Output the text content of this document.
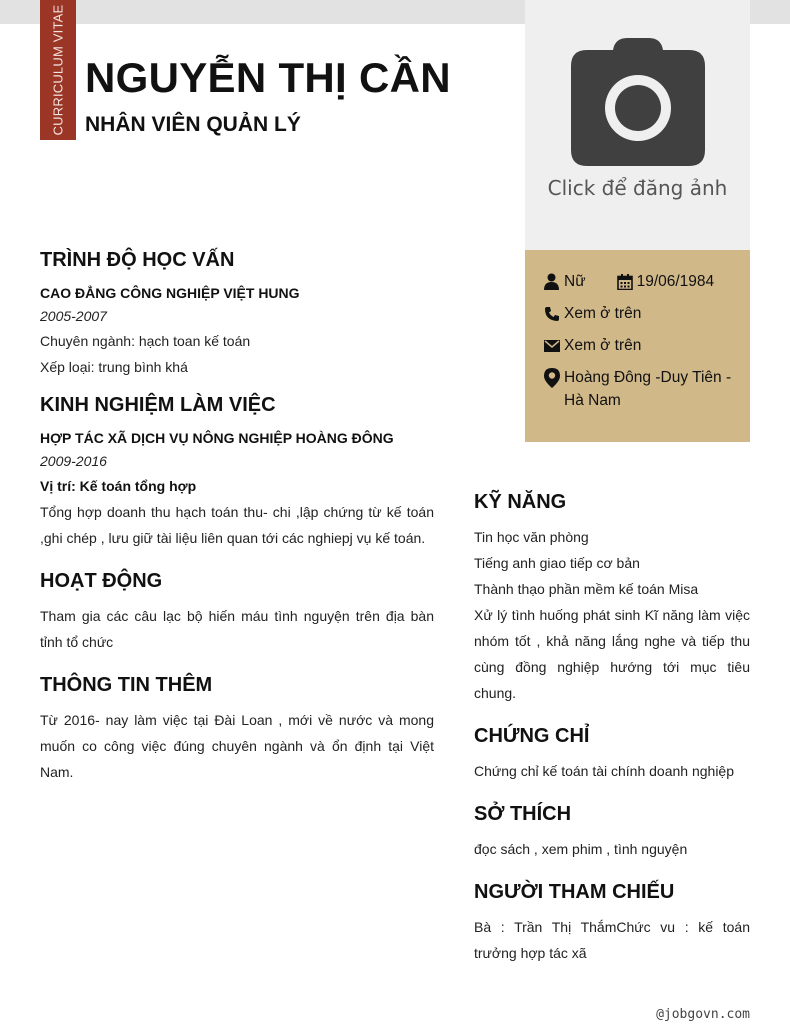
CURRICULUM VITAE NGUYỄN THỊ CẦN
NHÂN VIÊN QUẢN LÝ
Click để đăng ảnh
Nữ	19/06/1984
Xem ở trên
Xem ở trên
Hoàng Đông -Duy Tiên - Hà Nam
TRÌNH ĐỘ HỌC VẤN
CAO ĐẲNG CÔNG NGHIỆP VIỆT HUNG
2005-2007
Chuyên ngành: hạch toan kế toán
Xếp loại: trung bình khá
KINH NGHIỆM LÀM VIỆC
HỢP TÁC XÃ DỊCH VỤ NÔNG NGHIỆP HOÀNG ĐÔNG
2009-2016
Vị trí: Kế toán tổng hợp
Tổng hợp doanh thu hạch toán thu- chi ,lập chứng từ kế toán ,ghi chép , lưu giữ tài liệu liên quan tới các nghiepj vụ kế toán.
HOẠT ĐỘNG
Tham gia các câu lạc bộ hiến máu tình nguyện trên địa bàn tỉnh tổ chức
THÔNG TIN THÊM
Từ 2016- nay làm việc tại Đài Loan , mới về nước và mong muốn co công việc đúng chuyên ngành và ổn định tại Việt Nam.
KỸ NĂNG
Tin học văn phòng
Tiếng anh giao tiếp cơ bản
Thành thạo phần mềm kế toán Misa
Xử lý tình huống phát sinh Kĩ năng làm việc nhóm tốt , khả năng lắng nghe và tiếp thu cùng đồng nghiệp hướng tới mục tiêu chung.
CHỨNG CHỈ
Chứng chỉ kế toán tài chính doanh nghiệp
SỞ THÍCH
đọc sách , xem phim , tình nguyện
NGƯỜI THAM CHIẾU
Bà : Trần Thị ThắmChức vu : kế toán trưởng hợp tác xã
@jobgovn.com
